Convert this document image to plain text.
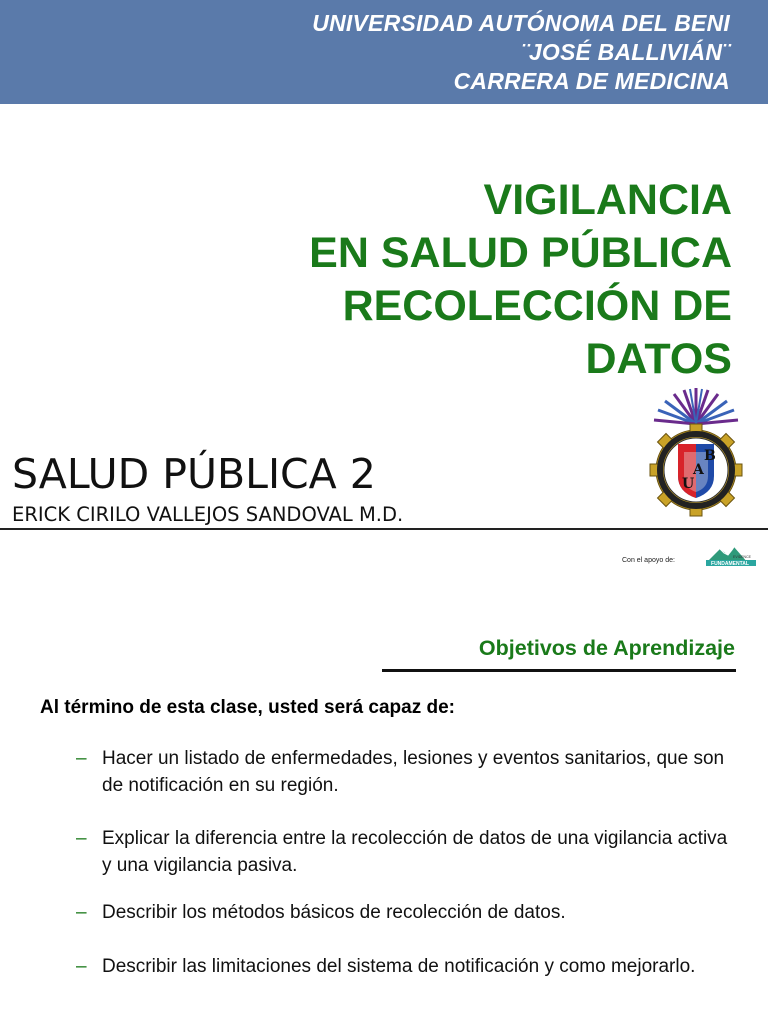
UNIVERSIDAD AUTÓNOMA DEL BENI
¨JOSÉ BALLIVIÁN¨
CARRERA DE MEDICINA
VIGILANCIA
EN SALUD PÚBLICA
RECOLECCIÓN DE
DATOS
B
A
U
SALUD PÚBLICA 2
ERICK CIRILO VALLEJOS SANDOVAL M.D.
Con el apoyo de:	FUNDAMENTAL
EVIDENCE
Objetivos de Aprendizaje
Al término de esta clase, usted será capaz de:
– Hacer un listado de enfermedades, lesiones y eventos sanitarios, que son de notificación en su región.
– Explicar la diferencia entre la recolección de datos de una vigilancia activa y una vigilancia pasiva.
– Describir los métodos básicos de recolección de datos.
– Describir las limitaciones del sistema de notificación y como mejorarlo.
